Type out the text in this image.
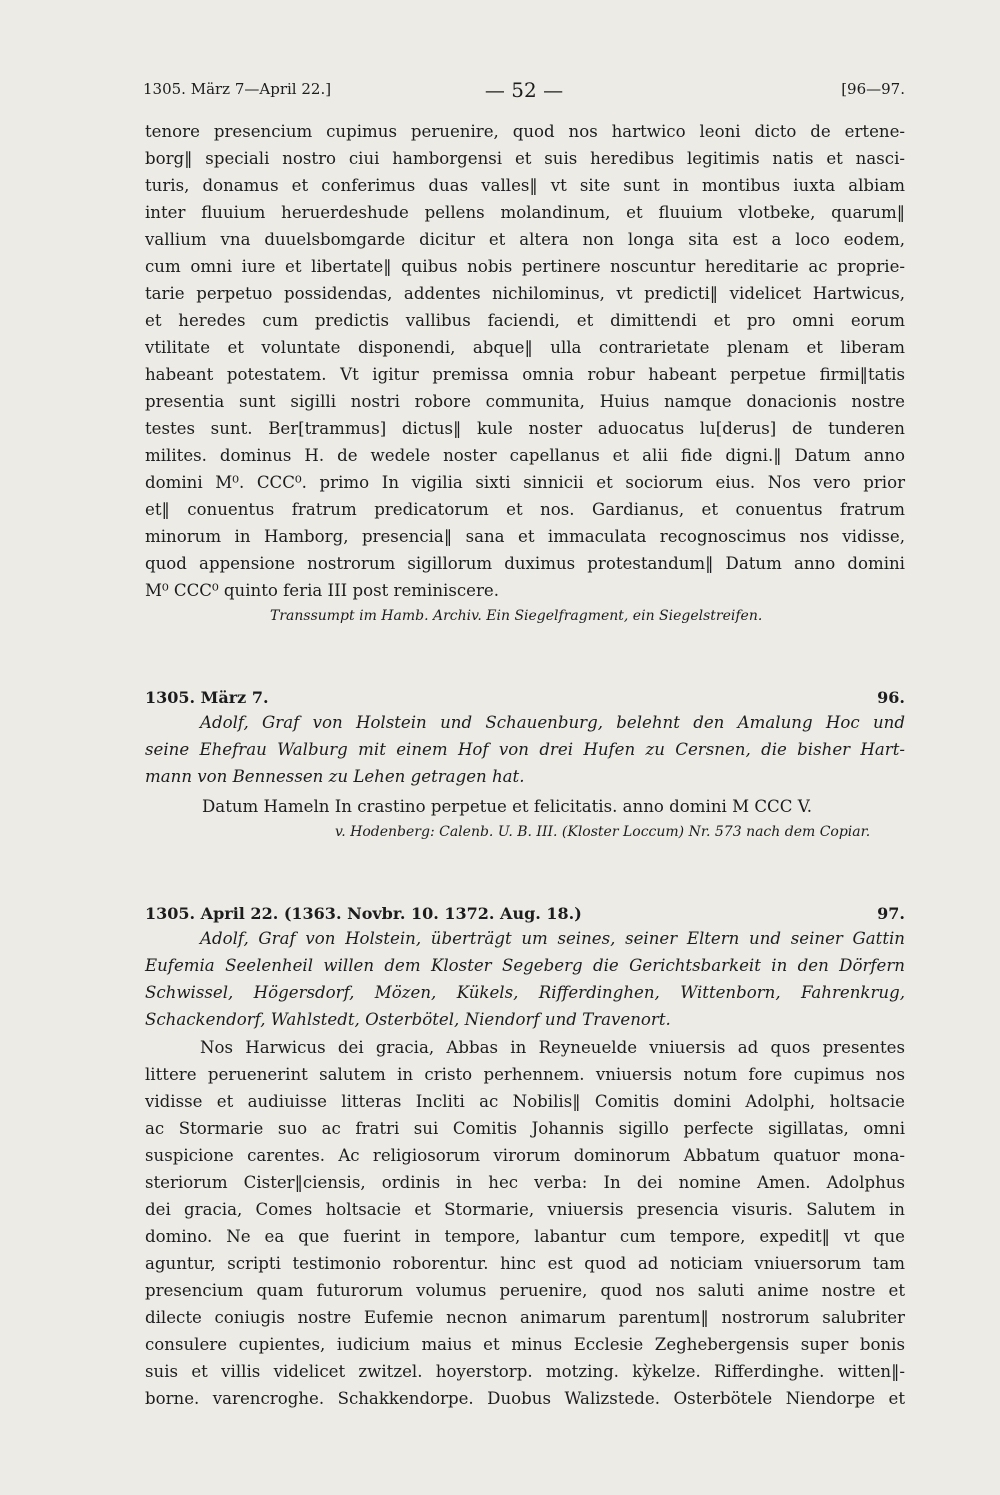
1305. März 7—April 22.]	— 52 —	[96—97.
tenore presencium cupimus peruenire, quod nos hartwico leoni dicto de ertene-
borg‖ speciali nostro ciui hamborgensi et suis heredibus legitimis natis et nasci-
turis, donamus et conferimus duas valles‖ vt site sunt in montibus iuxta albiam
inter fluuium heruerdeshude pellens molandinum, et fluuium vlotbeke, quarum‖
vallium vna duuelsbomgarde dicitur et altera non longa sita est a loco eodem,
cum omni iure et libertate‖ quibus nobis pertinere noscuntur hereditarie ac proprie-
tarie perpetuo possidendas, addentes nichilominus, vt predicti‖ videlicet Hartwicus,
et heredes cum predictis vallibus faciendi, et dimittendi et pro omni eorum
vtilitate et voluntate disponendi, abque‖ ulla contrarietate plenam et liberam
habeant potestatem. Vt igitur premissa omnia robur habeant perpetue firmi‖tatis
presentia sunt sigilli nostri robore communita, Huius namque donacionis nostre
testes sunt. Ber[trammus] dictus‖ kule noster aduocatus lu[derus] de tunderen
milites. dominus H. de wedele noster capellanus et alii fide digni.‖ Datum anno
domini M⁰. CCC⁰. primo In vigilia sixti sinnicii et sociorum eius. Nos vero prior
et‖ conuentus fratrum predicatorum et nos. Gardianus, et conuentus fratrum
minorum in Hamborg, presencia‖ sana et immaculata recognoscimus nos vidisse,
quod appensione nostrorum sigillorum duximus protestandum‖ Datum anno domini
M⁰ CCC⁰ quinto feria III post reminiscere.
Transsumpt im Hamb. Archiv. Ein Siegelfragment, ein Siegelstreifen.
1305. März 7.	96.
Adolf, Graf von Holstein und Schauenburg, belehnt den Amalung Hoc und
seine Ehefrau Walburg mit einem Hof von drei Hufen zu Cersnen, die bisher Hart-
mann von Bennessen zu Lehen getragen hat.
Datum Hameln In crastino perpetue et felicitatis. anno domini M CCC V.
v. Hodenberg: Calenb. U. B. III. (Kloster Loccum) Nr. 573 nach dem Copiar.
1305. April 22. (1363. Novbr. 10. 1372. Aug. 18.)	97.
Adolf, Graf von Holstein, überträgt um seines, seiner Eltern und seiner Gattin
Eufemia Seelenheil willen dem Kloster Segeberg die Gerichtsbarkeit in den Dörfern
Schwissel, Högersdorf, Mözen, Kükels, Rifferdinghen, Wittenborn, Fahrenkrug,
Schackendorf, Wahlstedt, Osterbötel, Niendorf und Travenort.
Nos Harwicus dei gracia, Abbas in Reyneuelde vniuersis ad quos presentes
littere peruenerint salutem in cristo perhennem. vniuersis notum fore cupimus nos
vidisse et audiuisse litteras Incliti ac Nobilis‖ Comitis domini Adolphi, holtsacie
ac Stormarie suo ac fratri sui Comitis Johannis sigillo perfecte sigillatas, omni
suspicione carentes. Ac religiosorum virorum dominorum Abbatum quatuor mona-
steriorum Cister‖ciensis, ordinis in hec verba: In dei nomine Amen. Adolphus
dei gracia, Comes holtsacie et Stormarie, vniuersis presencia visuris. Salutem in
domino. Ne ea que fuerint in tempore, labantur cum tempore, expedit‖ vt que
aguntur, scripti testimonio roborentur. hinc est quod ad noticiam vniuersorum tam
presencium quam futurorum volumus peruenire, quod nos saluti anime nostre et
dilecte coniugis nostre Eufemie necnon animarum parentum‖ nostrorum salubriter
consulere cupientes, iudicium maius et minus Ecclesie Zeghebergensis super bonis
suis et villis videlicet zwitzel. hoyerstorp. motzing. kỳkelze. Rifferdinghe. witten‖-
borne. varencroghe. Schakkendorpe. Duobus Walizstede. Osterbötele Niendorpe et
